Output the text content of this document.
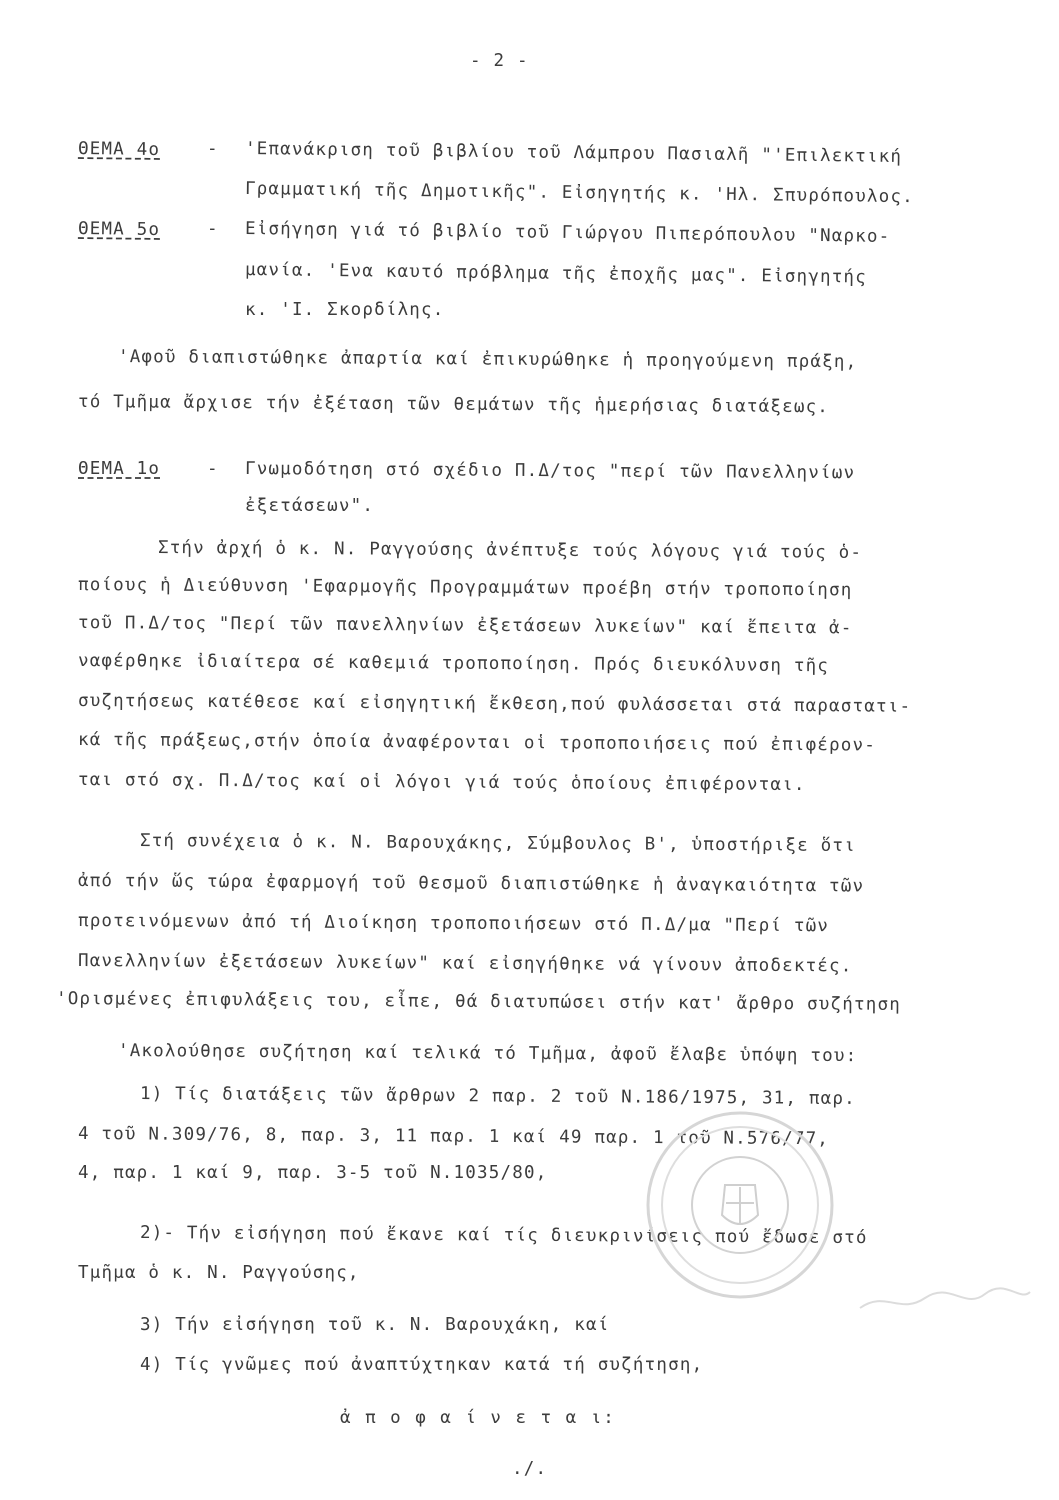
- 2 -
ΘΕΜΑ 4ο	- 'Επανάκριση τοῦ βιβλίου τοῦ Λάμπρου Πασιαλῆ "'Επιλεκτική
Γραμματική τῆς Δημοτικῆς". Εἰσηγητής κ. 'Ηλ. Σπυρόπουλος.
ΘΕΜΑ 5ο	- Εἰσήγηση γιά τό βιβλίο τοῦ Γιώργου Πιπερόπουλου "Ναρκο-
μανία. 'Ενα καυτό πρόβλημα τῆς ἐποχῆς μας". Εἰσηγητής
κ. 'Ι. Σκορδίλης.
'Αφοῦ διαπιστώθηκε ἀπαρτία καί ἐπικυρώθηκε ἡ προηγούμενη πράξη,
τό Τμῆμα ἄρχισε τήν ἐξέταση τῶν θεμάτων τῆς ἡμερήσιας διατάξεως.
ΘΕΜΑ 1ο	- Γνωμοδότηση στό σχέδιο Π.Δ/τος "περί τῶν Πανελληνίων
ἐξετάσεων".
Στήν ἀρχή ὁ κ. Ν. Ραγγούσης ἀνέπτυξε τούς λόγους γιά τούς ὁ-
ποίους ἡ Διεύθυνση 'Εφαρμογῆς Προγραμμάτων προέβη στήν τροποποίηση
τοῦ Π.Δ/τος "Περί τῶν πανελληνίων ἐξετάσεων λυκείων" καί ἔπειτα ἀ-
ναφέρθηκε ἰδιαίτερα σέ καθεμιά τροποποίηση. Πρός διευκόλυνση τῆς
συζητήσεως κατέθεσε καί εἰσηγητική ἔκθεση,πού φυλάσσεται στά παραστατι-
κά τῆς πράξεως,στήν ὁποία ἀναφέρονται οἱ τροποποιήσεις πού ἐπιφέρον-
ται στό σχ. Π.Δ/τος καί οἱ λόγοι γιά τούς ὁποίους ἐπιφέρονται.
Στή συνέχεια ὁ κ. Ν. Βαρουχάκης, Σύμβουλος Β', ὑποστήριξε ὅτι
ἀπό τήν ὥς τώρα ἐφαρμογή τοῦ θεσμοῦ διαπιστώθηκε ἡ ἀναγκαιότητα τῶν
προτεινόμενων ἀπό τή Διοίκηση τροποποιήσεων στό Π.Δ/μα "Περί τῶν
Πανελληνίων ἐξετάσεων λυκείων" καί εἰσηγήθηκε νά γίνουν ἀποδεκτές.
'Ορισμένες ἐπιφυλάξεις του, εἶπε, θά διατυπώσει στήν κατ' ἄρθρο συζήτηση
'Ακολούθησε συζήτηση καί τελικά τό Τμῆμα, ἀφοῦ ἔλαβε ὑπόψη του:
1) Τίς διατάξεις τῶν ἄρθρων 2 παρ. 2 τοῦ Ν.186/1975, 31, παρ.
4 τοῦ Ν.309/76, 8, παρ. 3, 11 παρ. 1 καί 49 παρ. 1 τοῦ Ν.576/77,
4, παρ. 1 καί 9, παρ. 3-5 τοῦ Ν.1035/80,
2)- Τήν εἰσήγηση πού ἔκανε καί τίς διευκρινίσεις πού ἔδωσε στό
Τμῆμα ὁ κ. Ν. Ραγγούσης,
3) Τήν εἰσήγηση τοῦ κ. Ν. Βαρουχάκη, καί
4) Τίς γνῶμες πού ἀναπτύχτηκαν κατά τή συζήτηση,
ἀ π ο φ α ί ν ε τ α ι:
./.
